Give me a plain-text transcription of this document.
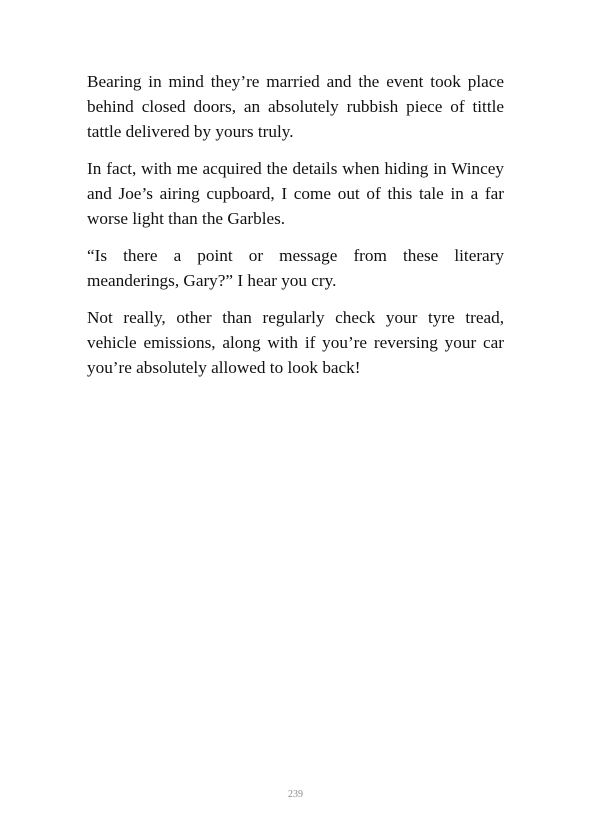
Bearing in mind they’re married and the event took place behind closed doors, an absolutely rubbish piece of tittle tattle delivered by yours truly.

In fact, with me acquired the details when hiding in Wincey and Joe’s airing cupboard, I come out of this tale in a far worse light than the Garbles.

“Is there a point or message from these literary meanderings, Gary?” I hear you cry.

Not really, other than regularly check your tyre tread, vehicle emissions, along with if you’re reversing your car you’re absolutely allowed to look back!

239
